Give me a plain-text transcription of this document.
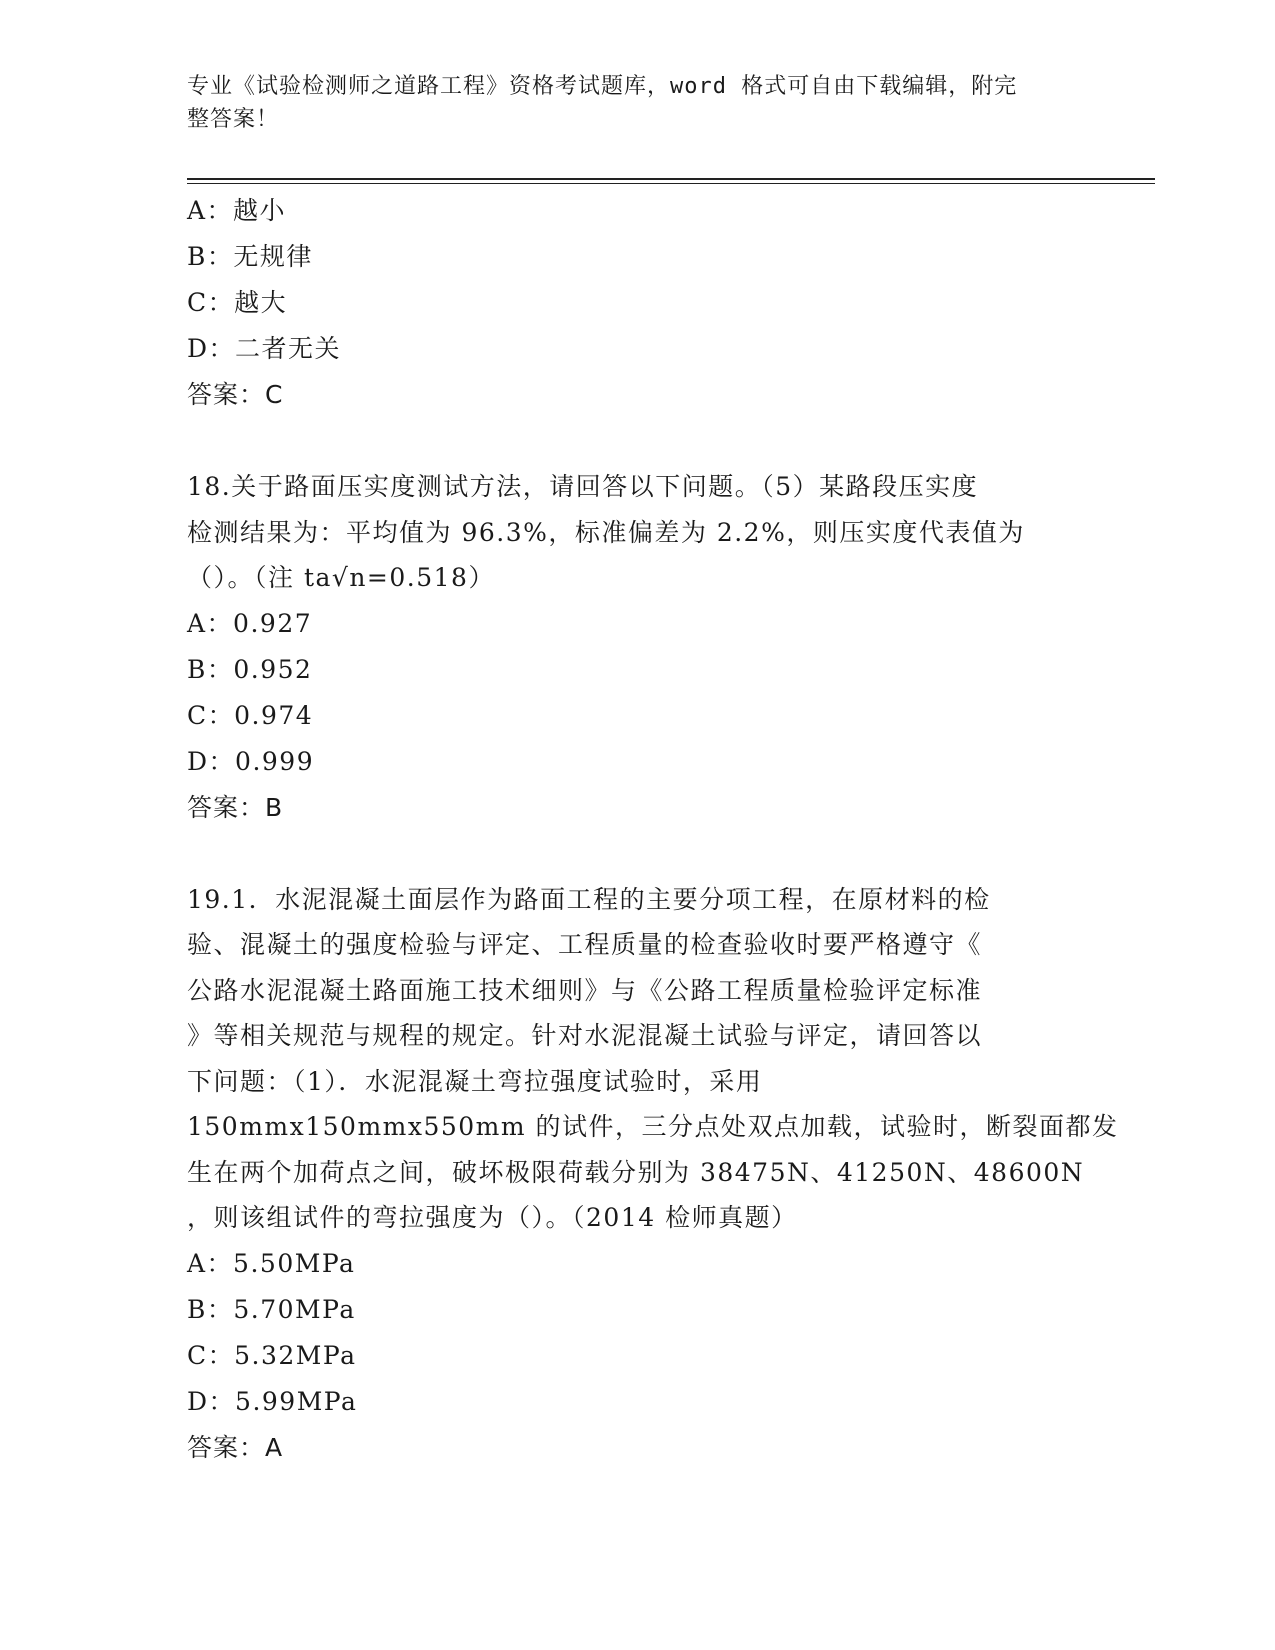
专业《试验检测师之道路工程》资格考试题库，word 格式可自由下载编辑，附完
整答案！
A：越小
B：无规律
C：越大
D：二者无关
答案：C
18.关于路面压实度测试方法，请回答以下问题。（5）某路段压实度
检测结果为：平均值为 96.3%，标准偏差为 2.2%，则压实度代表值为
（）。（注 ta√n=0.518）
A：0.927
B：0.952
C：0.974
D：0.999
答案：B
19.1．水泥混凝土面层作为路面工程的主要分项工程，在原材料的检
验、混凝土的强度检验与评定、工程质量的检查验收时要严格遵守《
公路水泥混凝土路面施工技术细则》与《公路工程质量检验评定标准
》等相关规范与规程的规定。针对水泥混凝土试验与评定，请回答以
下问题：（1）．水泥混凝土弯拉强度试验时，采用
150mmx150mmx550mm 的试件，三分点处双点加载，试验时，断裂面都发
生在两个加荷点之间，破坏极限荷载分别为 38475N、41250N、48600N
，则该组试件的弯拉强度为（）。（2014 检师真题）
A：5.50MPa
B：5.70MPa
C：5.32MPa
D：5.99MPa
答案：A
